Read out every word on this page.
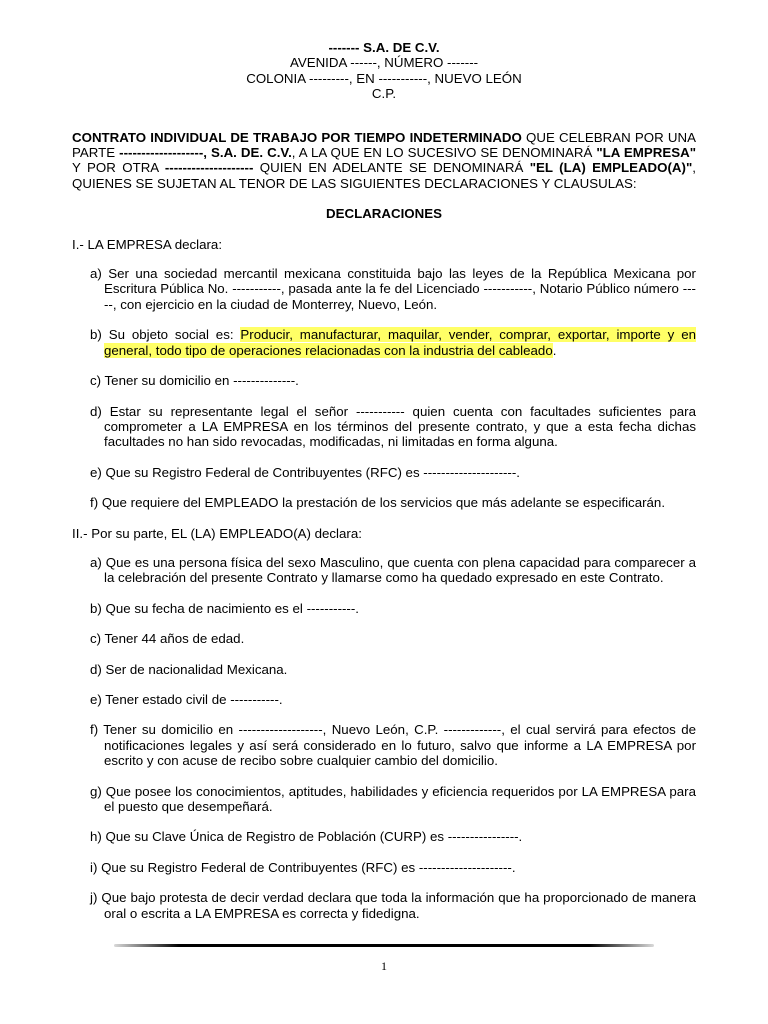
------- S.A. DE C.V.
AVENIDA ------, NÚMERO -------
COLONIA ---------, EN -----------, NUEVO LEÓN
C.P.
CONTRATO INDIVIDUAL DE TRABAJO POR TIEMPO INDETERMINADO QUE CELEBRAN POR UNA PARTE -------------------, S.A. DE. C.V., A LA QUE EN LO SUCESIVO SE DENOMINARÁ "LA EMPRESA" Y POR OTRA -------------------- QUIEN EN ADELANTE SE DENOMINARÁ "EL (LA) EMPLEADO(A)", QUIENES SE SUJETAN AL TENOR DE LAS SIGUIENTES DECLARACIONES Y CLAUSULAS:
DECLARACIONES
I.- LA EMPRESA declara:
a) Ser una sociedad mercantil mexicana constituida bajo las leyes de la República Mexicana por Escritura Pública No. -----------, pasada ante la fe del Licenciado -----------, Notario Público número -----, con ejercicio en la ciudad de Monterrey, Nuevo, León.
b) Su objeto social es: Producir, manufacturar, maquilar, vender, comprar, exportar, importe y en general, todo tipo de operaciones relacionadas con la industria del cableado.
c) Tener su domicilio en --------------.
d) Estar su representante legal el señor ----------- quien cuenta con facultades suficientes para comprometer a LA EMPRESA en los términos del presente contrato, y que a esta fecha dichas facultades no han sido revocadas, modificadas, ni limitadas en forma alguna.
e) Que su Registro Federal de Contribuyentes (RFC) es ---------------------.
f) Que requiere del EMPLEADO la prestación de los servicios que más adelante se especificarán.
II.- Por su parte, EL (LA) EMPLEADO(A) declara:
a) Que es una persona física del sexo Masculino, que cuenta con plena capacidad para comparecer a la celebración del presente Contrato y llamarse como ha quedado expresado en este Contrato.
b) Que su fecha de nacimiento es el -----------.
c) Tener 44 años de edad.
d) Ser de nacionalidad Mexicana.
e) Tener estado civil de -----------.
f) Tener su domicilio en -------------------, Nuevo León, C.P. -------------, el cual servirá para efectos de notificaciones legales y así será considerado en lo futuro, salvo que informe a LA EMPRESA por escrito y con acuse de recibo sobre cualquier cambio del domicilio.
g) Que posee los conocimientos, aptitudes, habilidades y eficiencia requeridos por LA EMPRESA para el puesto que desempeñará.
h) Que su Clave Única de Registro de Población (CURP) es ----------------.
i) Que su Registro Federal de Contribuyentes (RFC) es ---------------------.
j) Que bajo protesta de decir verdad declara que toda la información que ha proporcionado de manera oral o escrita a LA EMPRESA es correcta y fidedigna.
1
